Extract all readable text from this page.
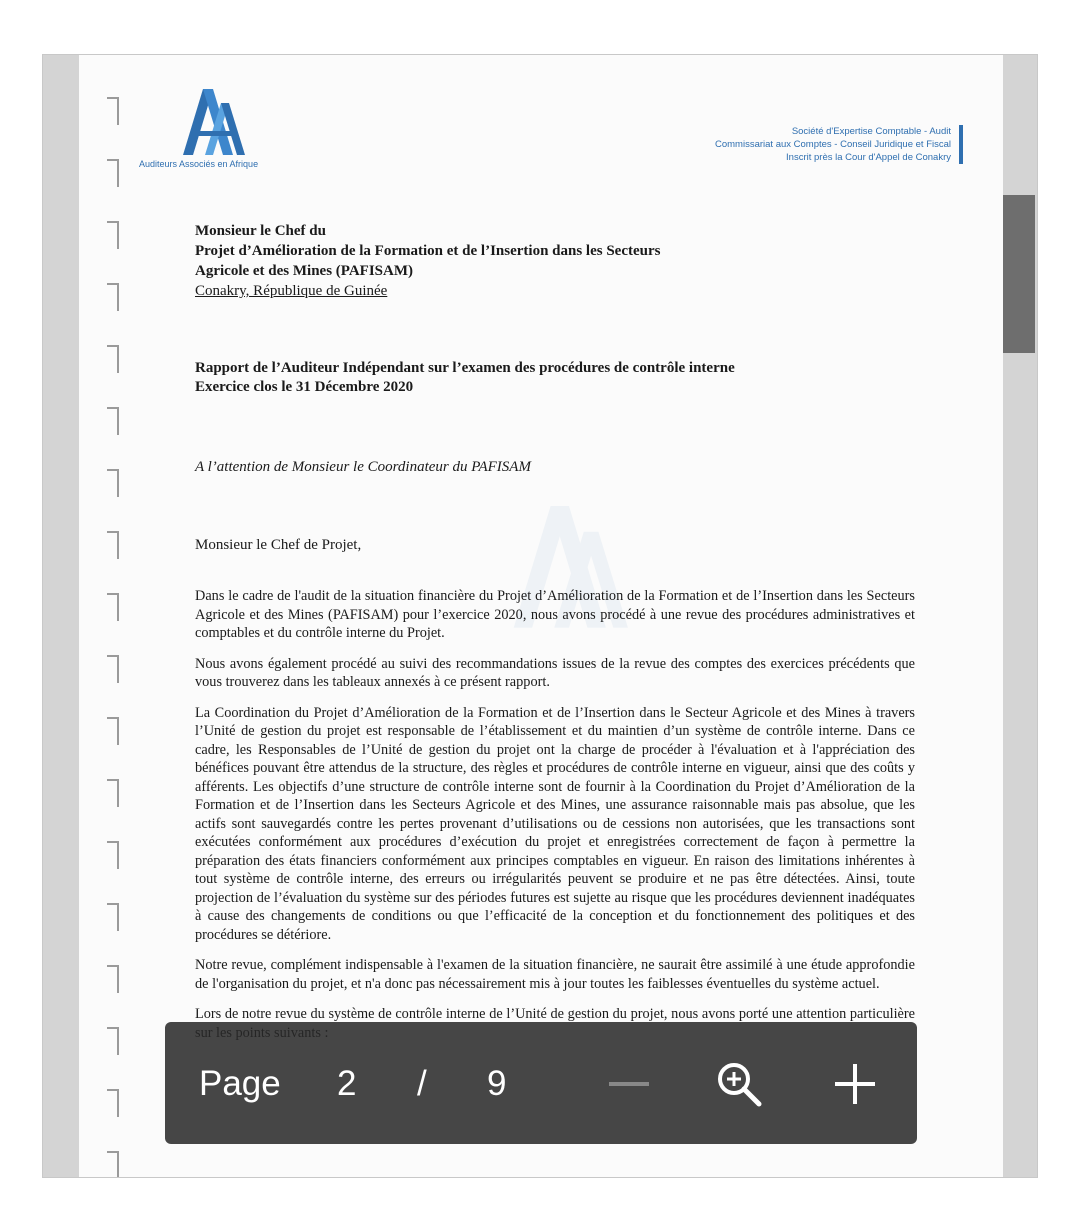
Auditeurs Associés en Afrique
Société d'Expertise Comptable - Audit
Commissariat aux Comptes - Conseil Juridique et Fiscal
Inscrit près la Cour d'Appel de Conakry
Monsieur le Chef du
Projet d’Amélioration de la Formation et de l’Insertion dans les Secteurs
Agricole et des Mines (PAFISAM)
Conakry, République de Guinée
Rapport de l’Auditeur Indépendant sur l’examen des procédures de contrôle interne
Exercice clos le 31 Décembre 2020
A l’attention de Monsieur le Coordinateur du PAFISAM
Monsieur le Chef de Projet,

Dans le cadre de l'audit de la situation financière du Projet d’Amélioration de la Formation et de l’Insertion dans les Secteurs Agricole et des Mines (PAFISAM) pour l’exercice 2020, nous avons procédé à une revue des procédures administratives et comptables et du contrôle interne du Projet.

Nous avons également procédé au suivi des recommandations issues de la revue des comptes des exercices précédents que vous trouverez dans les tableaux annexés à ce présent rapport.

La Coordination du Projet d’Amélioration de la Formation et de l’Insertion dans le Secteur Agricole et des Mines à travers l’Unité de gestion du projet est responsable de l’établissement et du maintien d’un système de contrôle interne. Dans ce cadre, les Responsables de l’Unité de gestion du projet ont la charge de procéder à l'évaluation et à l'appréciation des bénéfices pouvant être attendus de la structure, des règles et procédures de contrôle interne en vigueur, ainsi que des coûts y afférents. Les objectifs d’une structure de contrôle interne sont de fournir à la Coordination du Projet d’Amélioration de la Formation et de l’Insertion dans les Secteurs Agricole et des Mines, une assurance raisonnable mais pas absolue, que les actifs sont sauvegardés contre les pertes provenant d’utilisations ou de cessions non autorisées, que les transactions sont exécutées conformément aux procédures d’exécution du projet et enregistrées correctement de façon à permettre la préparation des états financiers conformément aux principes comptables en vigueur. En raison des limitations inhérentes à tout système de contrôle interne, des erreurs ou irrégularités peuvent se produire et ne pas être détectées. Ainsi, toute projection de l’évaluation du système sur des périodes futures est sujette au risque que les procédures deviennent inadéquates à cause des changements de conditions ou que l’efficacité de la conception et du fonctionnement des politiques et des procédures se détériore.

Notre revue, complément indispensable à l'examen de la situation financière, ne saurait être assimilé à une étude approfondie de l'organisation du projet, et n'a donc pas nécessairement mis à jour toutes les faiblesses éventuelles du système actuel.

Lors de notre revue du système de contrôle interne de l’Unité de gestion du projet, nous avons porté une attention particulière

Page 2 / 9
